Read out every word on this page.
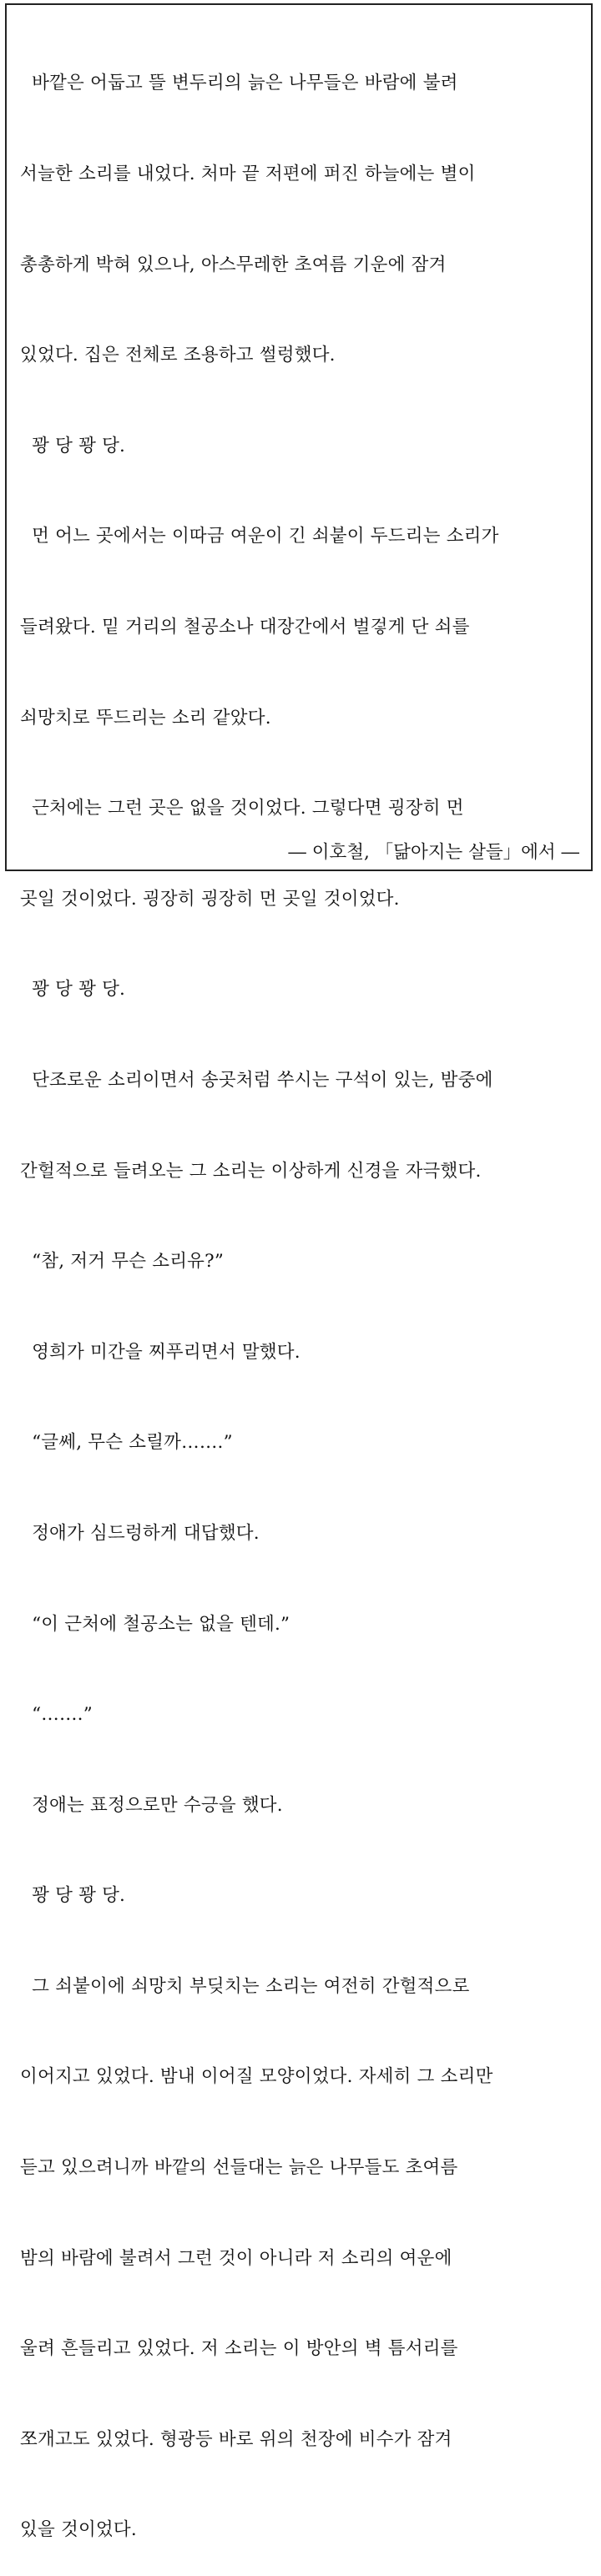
바깥은 어둡고 뜰 변두리의 늙은 나무들은 바람에 불려

서늘한 소리를 내었다. 처마 끝 저편에 퍼진 하늘에는 별이

총총하게 박혀 있으나, 아스무레한 초여름 기운에 잠겨

있었다. 집은 전체로 조용하고 썰렁했다.

꽝 당 꽝 당.

먼 어느 곳에서는 이따금 여운이 긴 쇠붙이 두드리는 소리가

들려왔다. 밑 거리의 철공소나 대장간에서 벌겋게 단 쇠를

쇠망치로 뚜드리는 소리 같았다.

근처에는 그런 곳은 없을 것이었다. 그렇다면 굉장히 먼

곳일 것이었다. 굉장히 굉장히 먼 곳일 것이었다.

꽝 당 꽝 당.

단조로운 소리이면서 송곳처럼 쑤시는 구석이 있는, 밤중에

간헐적으로 들려오는 그 소리는 이상하게 신경을 자극했다.

“참, 저거 무슨 소리유?”

영희가 미간을 찌푸리면서 말했다.

“글쎄, 무슨 소릴까…….”

정애가 심드렁하게 대답했다.

“이 근처에 철공소는 없을 텐데.”

“…….”

정애는 표정으로만 수긍을 했다.

꽝 당 꽝 당.

그 쇠붙이에 쇠망치 부딪치는 소리는 여전히 간헐적으로

이어지고 있었다. 밤내 이어질 모양이었다. 자세히 그 소리만

듣고 있으려니까 바깥의 선들대는 늙은 나무들도 초여름

밤의 바람에 불려서 그런 것이 아니라 저 소리의 여운에

울려 흔들리고 있었다. 저 소리는 이 방안의 벽 틈서리를

쪼개고도 있었다. 형광등 바로 위의 천장에 비수가 잠겨

있을 것이었다.

― 이호철, 「닮아지는 살들」에서 ―
